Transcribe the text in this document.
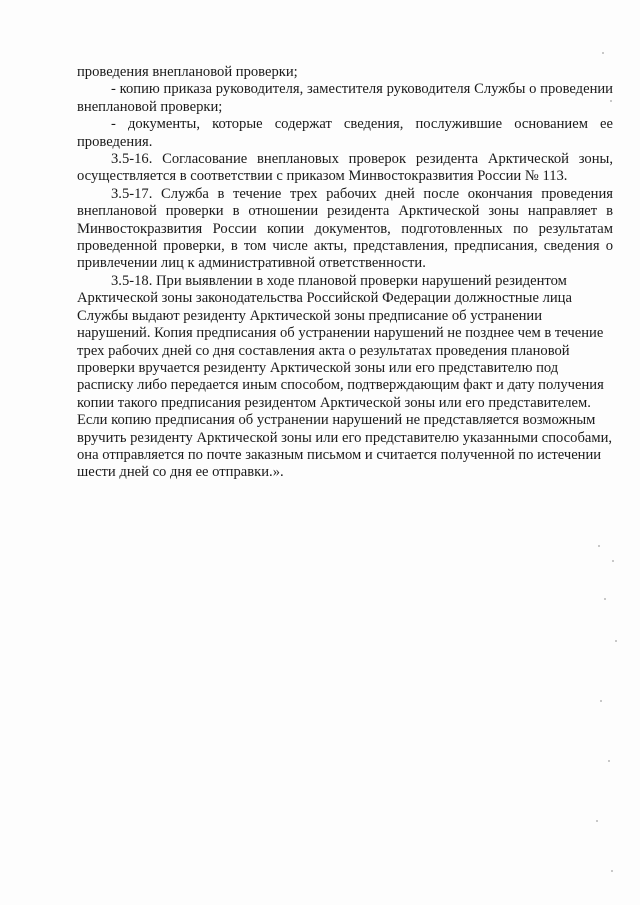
проведения внеплановой проверки;

- копию приказа руководителя, заместителя руководителя Службы о проведении внеплановой проверки;

- документы, которые содержат сведения, послужившие основанием ее проведения.

3.5-16. Согласование внеплановых проверок резидента Арктической зоны, осуществляется в соответствии с приказом Минвостокразвития России № 113.

3.5-17. Служба в течение трех рабочих дней после окончания проведения внеплановой проверки в отношении резидента Арктической зоны направляет в Минвостокразвития России копии документов, подготовленных по результатам проведенной проверки, в том числе акты, представления, предписания, сведения о привлечении лиц к административной ответственности.

3.5-18. При выявлении в ходе плановой проверки нарушений резидентом Арктической зоны законодательства Российской Федерации должностные лица Службы выдают резиденту Арктической зоны предписание об устранении нарушений. Копия предписания об устранении нарушений не позднее чем в течение трех рабочих дней со дня составления акта о результатах проведения плановой проверки вручается резиденту Арктической зоны или его представителю под расписку либо передается иным способом, подтверждающим факт и дату получения копии такого предписания резидентом Арктической зоны или его представителем. Если копию предписания об устранении нарушений не представляется возможным вручить резиденту Арктической зоны или его представителю указанными способами, она отправляется по почте заказным письмом и считается полученной по истечении шести дней со дня ее отправки.».
